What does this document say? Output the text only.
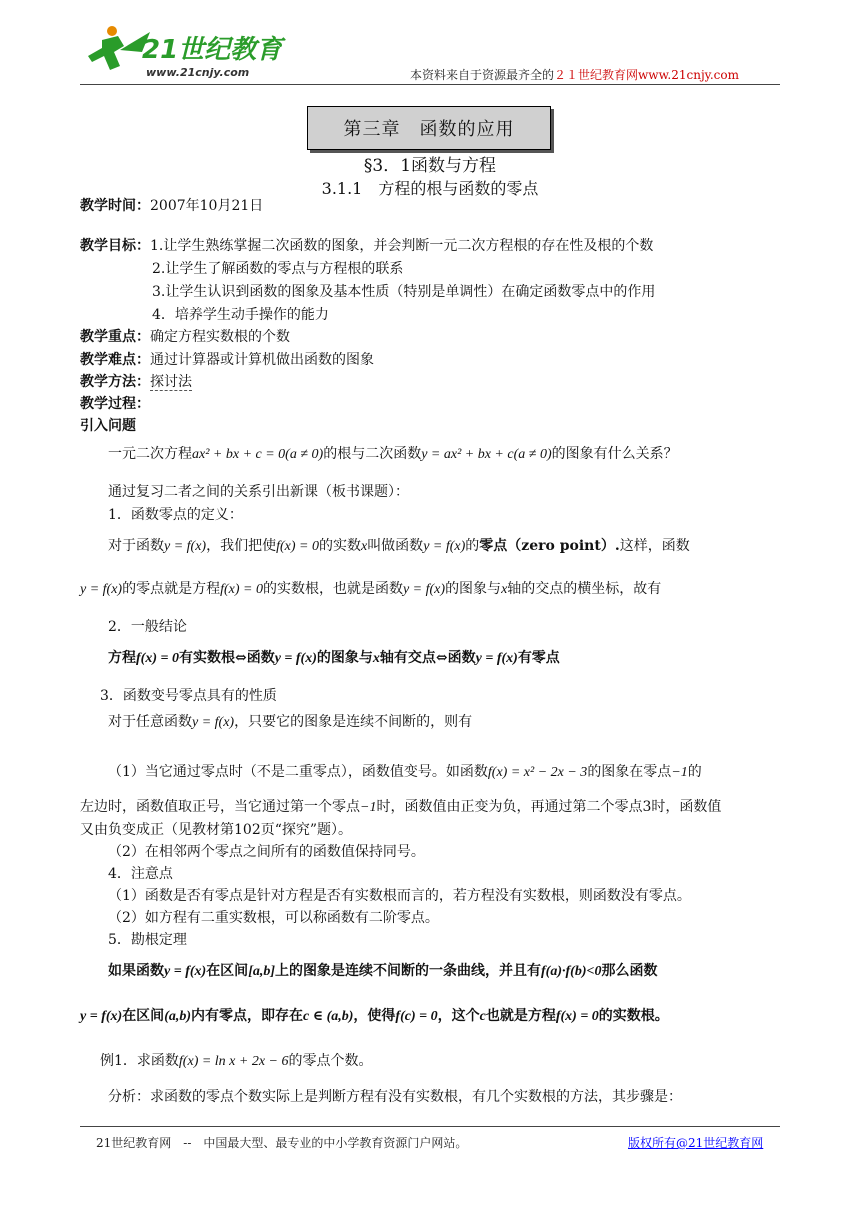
21世纪教育
www.21cnjy.com	本资料来自于资源最齐全的２１世纪教育网www.21cnjy.com
第三章　函数的应用
§3．1函数与方程
3.1.1　方程的根与函数的零点
教学时间：2007年10月21日
教学目标：1.让学生熟练掌握二次函数的图象，并会判断一元二次方程根的存在性及根的个数
2.让学生了解函数的零点与方程根的联系
3.让学生认识到函数的图象及基本性质（特别是单调性）在确定函数零点中的作用
4．培养学生动手操作的能力
教学重点：确定方程实数根的个数
教学难点：通过计算器或计算机做出函数的图象
教学方法：探讨法
教学过程：
引入问题
一元二次方程ax² + bx + c = 0(a ≠ 0)的根与二次函数y = ax² + bx + c(a ≠ 0)的图象有什么关系？
通过复习二者之间的关系引出新课（板书课题）：
1．函数零点的定义：
对于函数y = f(x)，我们把使f(x) = 0的实数x叫做函数y = f(x)的零点（zero point）.这样，函数
y = f(x)的零点就是方程f(x) = 0的实数根，也就是函数y = f(x)的图象与x轴的交点的横坐标，故有
2．一般结论
方程f(x) = 0有实数根⇔函数y = f(x)的图象与x轴有交点⇔函数y = f(x)有零点
3．函数变号零点具有的性质
对于任意函数y = f(x)，只要它的图象是连续不间断的，则有
（1）当它通过零点时（不是二重零点），函数值变号。如函数f(x) = x² − 2x − 3的图象在零点−1的
左边时，函数值取正号，当它通过第一个零点−1时，函数值由正变为负，再通过第二个零点3时，函数值
又由负变成正（见教材第102页“探究”题）。
（2）在相邻两个零点之间所有的函数值保持同号。
4．注意点
（1）函数是否有零点是针对方程是否有实数根而言的，若方程没有实数根，则函数没有零点。
（2）如方程有二重实数根，可以称函数有二阶零点。
5．勘根定理
如果函数y = f(x)在区间[a,b]上的图象是连续不间断的一条曲线，并且有f(a)·f(b)<0那么函数
y = f(x)在区间(a,b)内有零点，即存在c ∈ (a,b)，使得f(c) = 0，这个c也就是方程f(x) = 0的实数根。
例1．求函数f(x) = ln x + 2x − 6的零点个数。
分析：求函数的零点个数实际上是判断方程有没有实数根，有几个实数根的方法，其步骤是：
21世纪教育网　--　中国最大型、最专业的中小学教育资源门户网站。	版权所有@21世纪教育网
